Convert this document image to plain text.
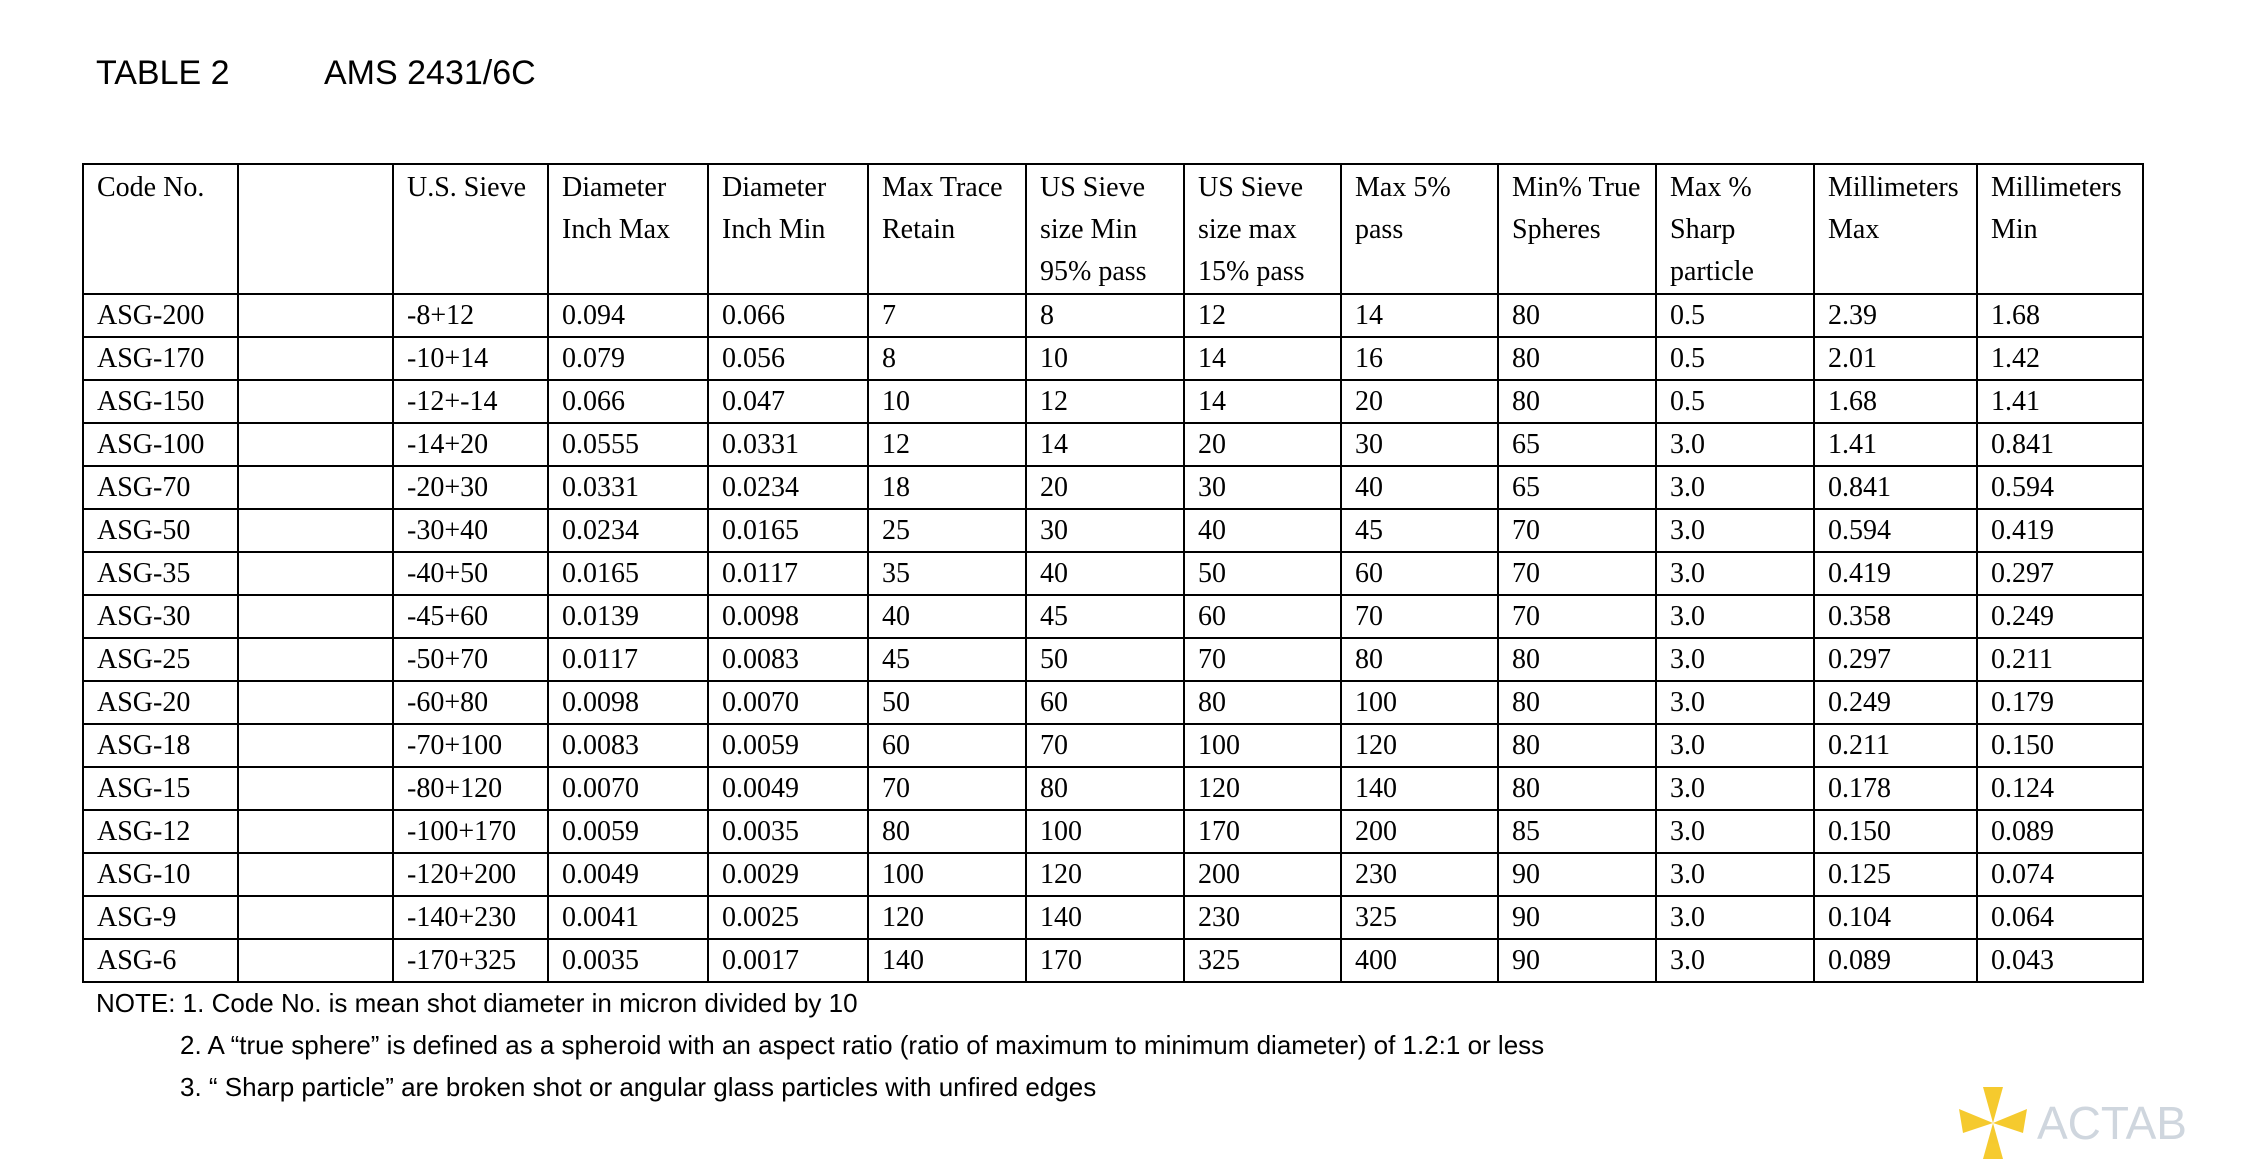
TABLE 2	AMS 2431/6C
Code No.		U.S. Sieve	Diameter Inch Max	Diameter Inch Min	Max Trace Retain	US Sieve size Min 95% pass	US Sieve size max 15% pass	Max 5% pass	Min% True Spheres	Max % Sharp particle	Millimeters Max	Millimeters Min
ASG-200		-8+12	0.094	0.066	7	8	12	14	80	0.5	2.39	1.68
ASG-170		-10+14	0.079	0.056	8	10	14	16	80	0.5	2.01	1.42
ASG-150		-12+-14	0.066	0.047	10	12	14	20	80	0.5	1.68	1.41
ASG-100		-14+20	0.0555	0.0331	12	14	20	30	65	3.0	1.41	0.841
ASG-70		-20+30	0.0331	0.0234	18	20	30	40	65	3.0	0.841	0.594
ASG-50		-30+40	0.0234	0.0165	25	30	40	45	70	3.0	0.594	0.419
ASG-35		-40+50	0.0165	0.0117	35	40	50	60	70	3.0	0.419	0.297
ASG-30		-45+60	0.0139	0.0098	40	45	60	70	70	3.0	0.358	0.249
ASG-25		-50+70	0.0117	0.0083	45	50	70	80	80	3.0	0.297	0.211
ASG-20		-60+80	0.0098	0.0070	50	60	80	100	80	3.0	0.249	0.179
ASG-18		-70+100	0.0083	0.0059	60	70	100	120	80	3.0	0.211	0.150
ASG-15		-80+120	0.0070	0.0049	70	80	120	140	80	3.0	0.178	0.124
ASG-12		-100+170	0.0059	0.0035	80	100	170	200	85	3.0	0.150	0.089
ASG-10		-120+200	0.0049	0.0029	100	120	200	230	90	3.0	0.125	0.074
ASG-9		-140+230	0.0041	0.0025	120	140	230	325	90	3.0	0.104	0.064
ASG-6		-170+325	0.0035	0.0017	140	170	325	400	90	3.0	0.089	0.043
NOTE: 1. Code No. is mean shot diameter in micron divided by 10
2. A “true sphere” is defined as a spheroid with an aspect ratio (ratio of maximum to minimum diameter) of 1.2:1 or less
3. “ Sharp particle” are broken shot or angular glass particles with unfired edges
ACTAB
